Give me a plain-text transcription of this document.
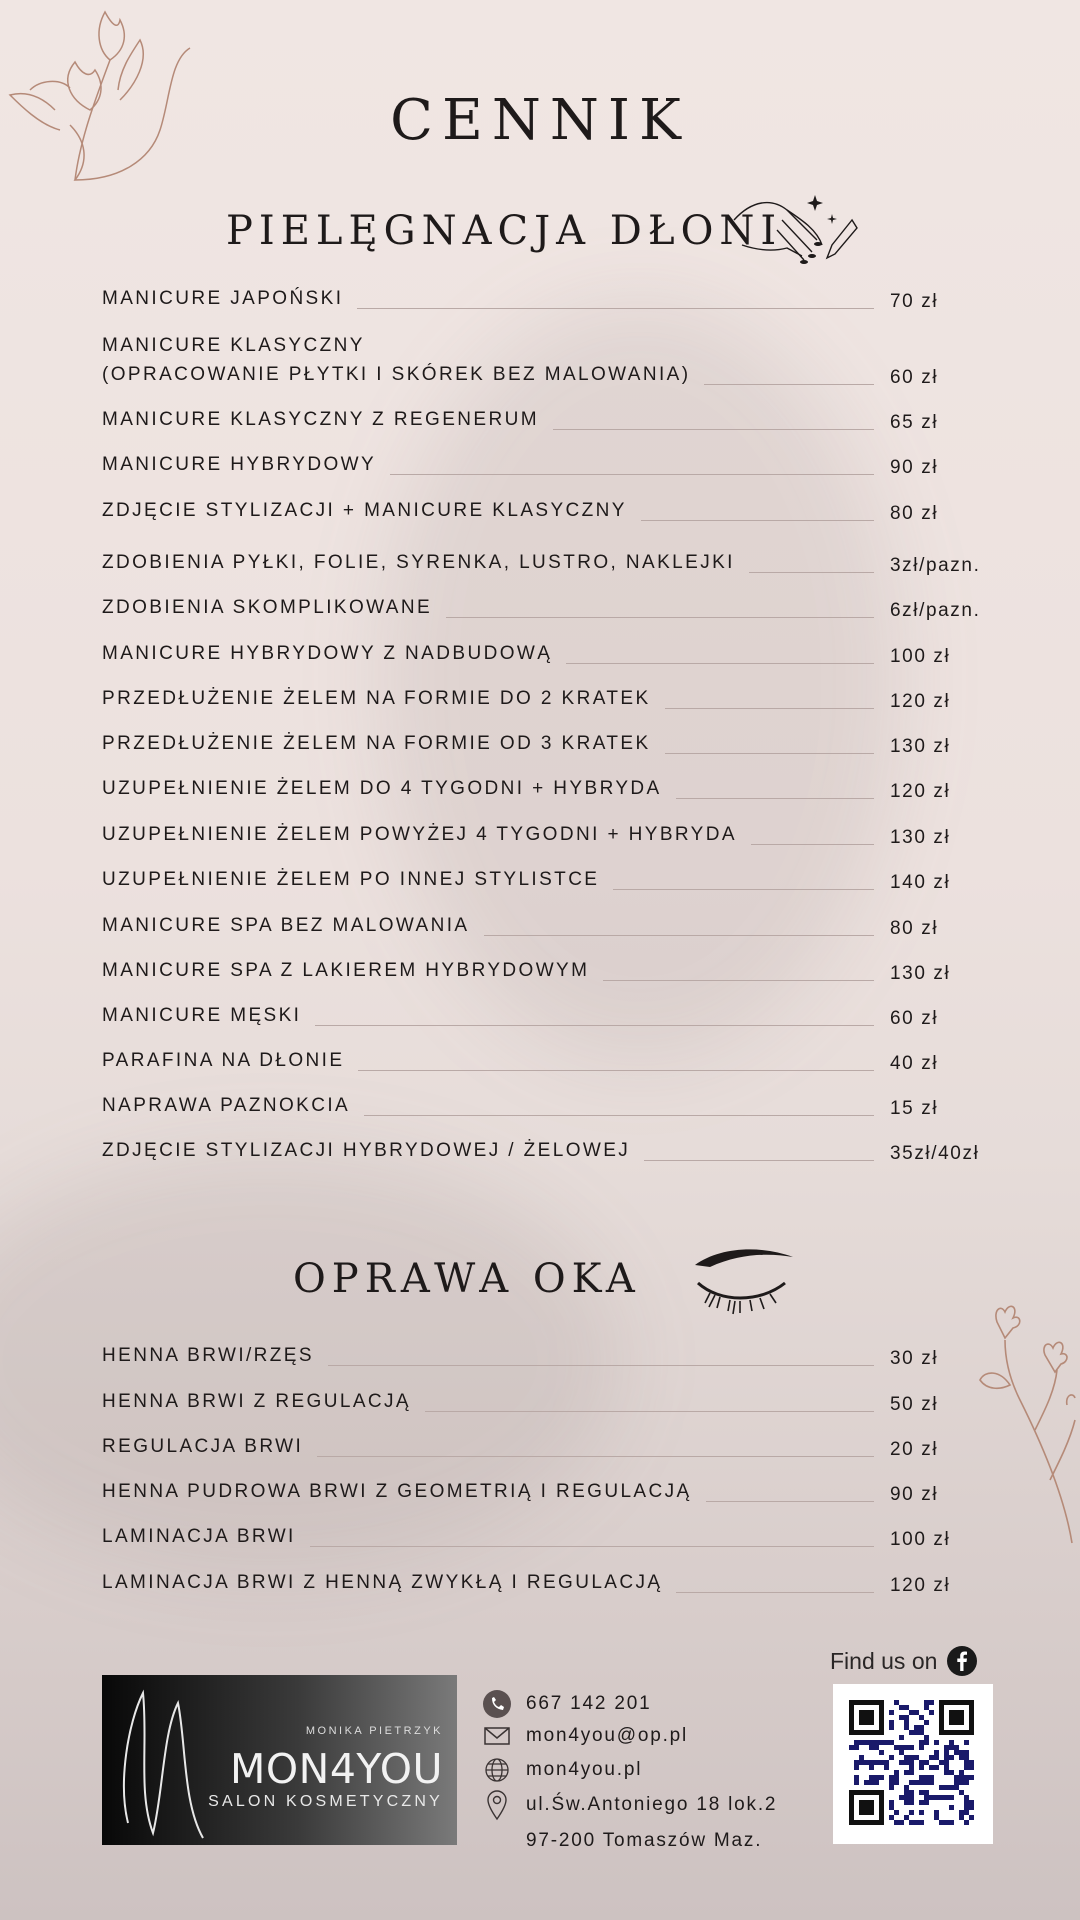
CENNIK
PIELĘGNACJA DŁONI
MANICURE JAPOŃSKI	70 zł
MANICURE KLASYCZNY
(OPRACOWANIE PŁYTKI I SKÓREK BEZ MALOWANIA)	60 zł
MANICURE KLASYCZNY Z REGENERUM	65 zł
MANICURE HYBRYDOWY	90 zł
ZDJĘCIE STYLIZACJI + MANICURE KLASYCZNY	80 zł
ZDOBIENIA PYŁKI, FOLIE, SYRENKA, LUSTRO, NAKLEJKI	3zł/pazn.
ZDOBIENIA SKOMPLIKOWANE	6zł/pazn.
MANICURE HYBRYDOWY Z NADBUDOWĄ	100 zł
PRZEDŁUŻENIE ŻELEM NA FORMIE DO 2 KRATEK	120 zł
PRZEDŁUŻENIE ŻELEM NA FORMIE OD 3 KRATEK	130 zł
UZUPEŁNIENIE ŻELEM DO 4 TYGODNI + HYBRYDA	120 zł
UZUPEŁNIENIE ŻELEM POWYŻEJ 4 TYGODNI + HYBRYDA	130 zł
UZUPEŁNIENIE ŻELEM PO INNEJ STYLISTCE	140 zł
MANICURE SPA BEZ MALOWANIA	80 zł
MANICURE SPA Z LAKIEREM HYBRYDOWYM	130 zł
MANICURE MĘSKI	60 zł
PARAFINA NA DŁONIE	40 zł
NAPRAWA PAZNOKCIA	15 zł
ZDJĘCIE STYLIZACJI HYBRYDOWEJ / ŻELOWEJ	35zł/40zł
OPRAWA OKA
HENNA BRWI/RZĘS	30 zł
HENNA BRWI Z REGULACJĄ	50 zł
REGULACJA BRWI	20 zł
HENNA PUDROWA BRWI Z GEOMETRIĄ I REGULACJĄ	90 zł
LAMINACJA BRWI	100 zł
LAMINACJA BRWI Z HENNĄ ZWYKŁĄ I REGULACJĄ	120 zł
MONIKA PIETRZYK
MON4YOU
SALON KOSMETYCZNY
667 142 201
mon4you@op.pl
mon4you.pl
ul.Św.Antoniego 18 lok.2
97-200 Tomaszów Maz.
Find us on
